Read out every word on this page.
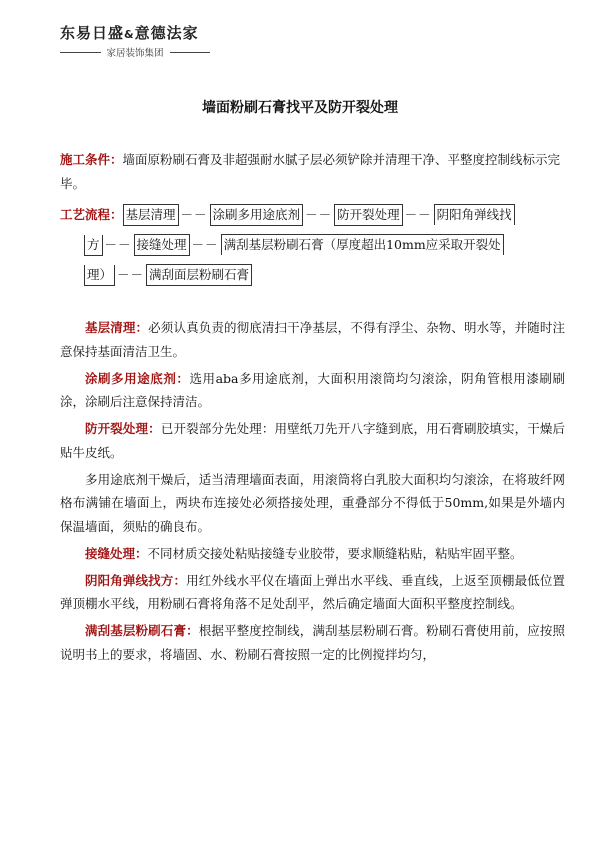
东易日盛&意德法家
家居装饰集团
墙面粉刷石膏找平及防开裂处理
施工条件：墙面原粉刷石膏及非超强耐水腻子层必须铲除并清理干净、平整度控制线标示完毕。
工艺流程： 基层清理 －－ 涂刷多用途底剂 －－ 防开裂处理 －－ 阴阳角弹线找
方 －－ 接缝处理 －－ 满刮基层粉刷石膏（厚度超出10mm应采取开裂处
理） －－ 满刮面层粉刷石膏

基层清理：必须认真负责的彻底清扫干净基层，不得有浮尘、杂物、明水等，并随时注意保持基面清洁卫生。

涂刷多用途底剂：选用aba多用途底剂，大面积用滚筒均匀滚涂，阴角管根用漆刷刷涂，涂刷后注意保持清洁。

防开裂处理：已开裂部分先处理：用壁纸刀先开八字缝到底，用石膏刷胶填实，干燥后贴牛皮纸。

多用途底剂干燥后，适当清理墙面表面，用滚筒将白乳胶大面积均匀滚涂，在将玻纤网格布满铺在墙面上，两块布连接处必须搭接处理，重叠部分不得低于50mm,如果是外墙内保温墙面，须贴的确良布。

接缝处理：不同材质交接处粘贴接缝专业胶带，要求顺缝粘贴，粘贴牢固平整。

阴阳角弹线找方：用红外线水平仪在墙面上弹出水平线、垂直线，上返至顶棚最低位置弹顶棚水平线，用粉刷石膏将角落不足处刮平，然后确定墙面大面积平整度控制线。

满刮基层粉刷石膏：根据平整度控制线，满刮基层粉刷石膏。粉刷石膏使用前，应按照说明书上的要求，将墙固、水、粉刷石膏按照一定的比例搅拌均匀，
